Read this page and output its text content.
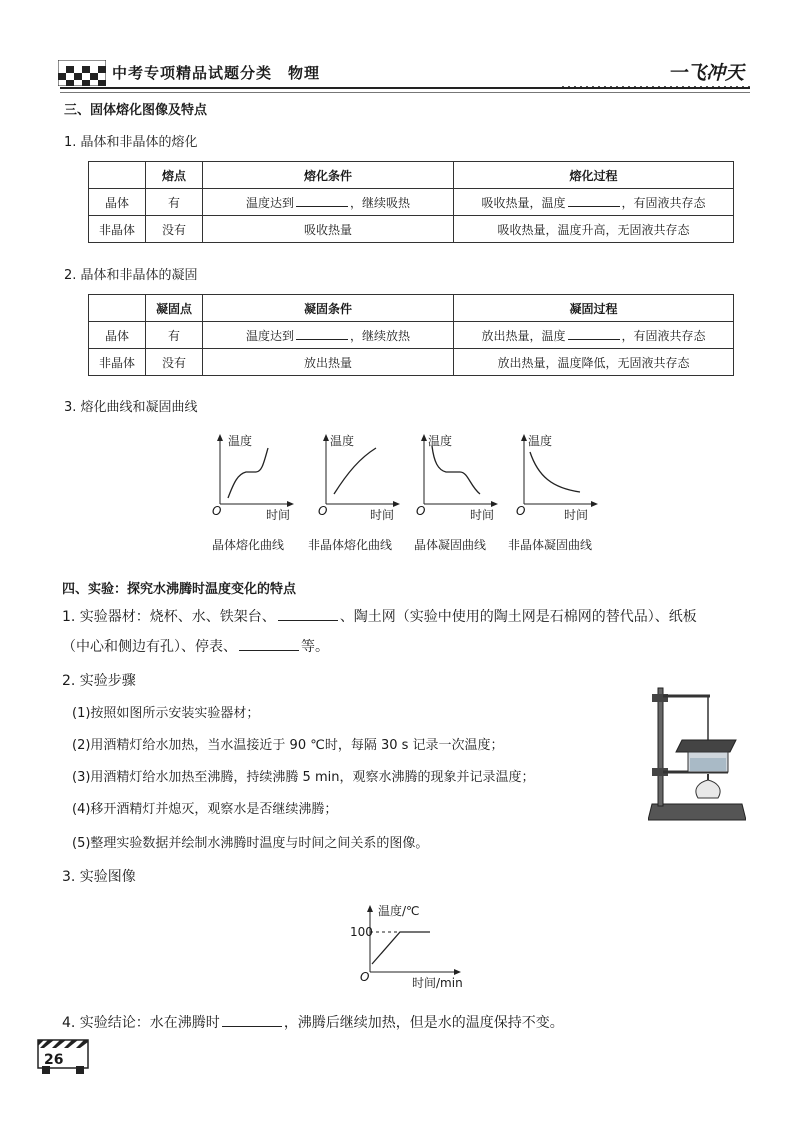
中考专项精品试题分类　物理	一飞冲天
三、固体熔化图像及特点
1. 晶体和非晶体的熔化
	熔点	熔化条件	熔化过程
晶体	有	温度达到 ，继续吸热	吸收热量，温度 ，有固液共存态
非晶体	没有	吸收热量	吸收热量，温度升高，无固液共存态
2. 晶体和非晶体的凝固
	凝固点	凝固条件	凝固过程
晶体	有	温度达到 ，继续放热	放出热量，温度 ，有固液共存态
非晶体	没有	放出热量	放出热量，温度降低，无固液共存态
3. 熔化曲线和凝固曲线
温度
O	时间
温度
O	时间
温度
O	时间
温度
O	时间
晶体熔化曲线 非晶体熔化曲线 晶体凝固曲线 非晶体凝固曲线
四、实验：探究水沸腾时温度变化的特点
1. 实验器材：烧杯、水、铁架台、	、陶土网（实验中使用的陶土网是石棉网的替代品）、纸板
（中心和侧边有孔）、停表、	等。
2. 实验步骤
(1)按照如图所示安装实验器材；
(2)用酒精灯给水加热，当水温接近于 90 ℃时，每隔 30 s 记录一次温度；
(3)用酒精灯给水加热至沸腾，持续沸腾 5 min，观察水沸腾的现象并记录温度；
(4)移开酒精灯并熄灭，观察水是否继续沸腾；
(5)整理实验数据并绘制水沸腾时温度与时间之间关系的图像。
3. 实验图像
温度/℃
100
O	时间/min
4. 实验结论：水在沸腾时	，沸腾后继续加热，但是水的温度保持不变。
26
